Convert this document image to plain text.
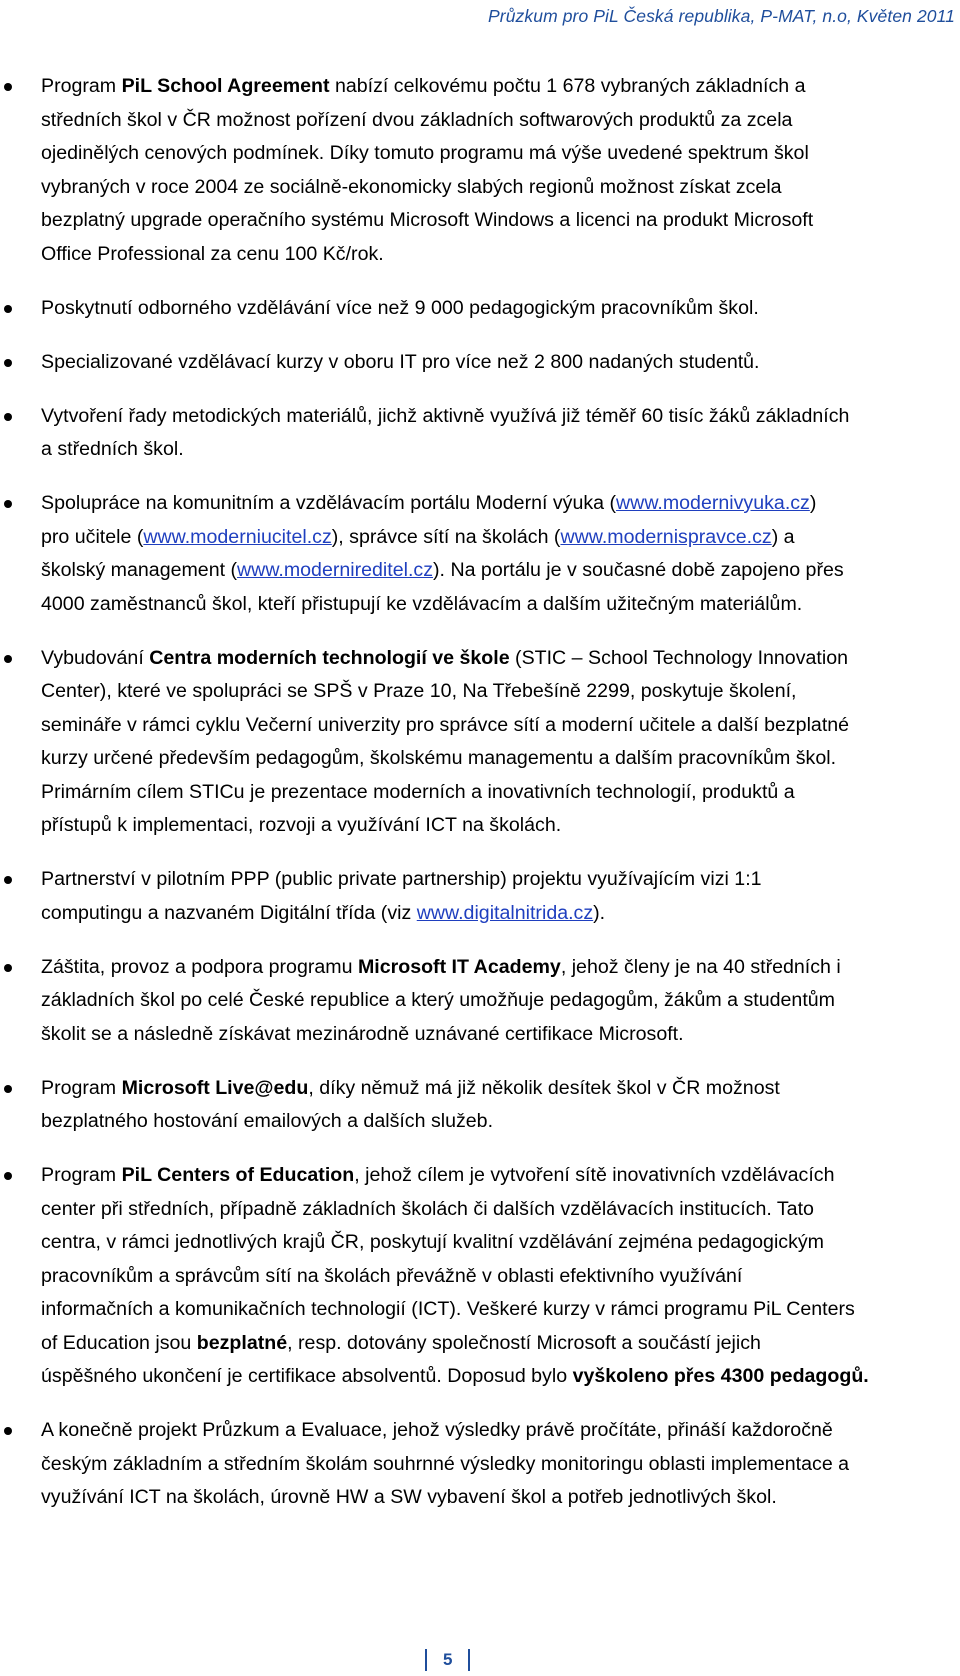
Průzkum pro PiL Česká republika, P-MAT, n.o, Květen 2011
Program PiL School Agreement nabízí celkovému počtu 1 678 vybraných základních a
středních škol v ČR možnost pořízení dvou základních softwarových produktů za zcela
ojedinělých cenových podmínek. Díky tomuto programu má výše uvedené spektrum škol
vybraných v roce 2004 ze sociálně-ekonomicky slabých regionů možnost získat zcela
bezplatný upgrade operačního systému Microsoft Windows a licenci na produkt Microsoft
Office Professional za cenu 100 Kč/rok.
Poskytnutí odborného vzdělávání více než 9 000 pedagogickým pracovníkům škol.
Specializované vzdělávací kurzy v oboru IT pro více než 2 800 nadaných studentů.
Vytvoření řady metodických materiálů, jichž aktivně využívá již téměř 60 tisíc žáků základních
a středních škol.
Spolupráce na komunitním a vzdělávacím portálu Moderní výuka (www.modernivyuka.cz)
pro učitele (www.moderniucitel.cz), správce sítí na školách (www.modernispravce.cz) a
školský management (www.modernireditel.cz). Na portálu je v současné době zapojeno přes
4000 zaměstnanců škol, kteří přistupují ke vzdělávacím a dalším užitečným materiálům.
Vybudování Centra moderních technologií ve škole (STIC – School Technology Innovation
Center), které ve spolupráci se SPŠ v Praze 10, Na Třebešíně 2299, poskytuje školení,
semináře v rámci cyklu Večerní univerzity pro správce sítí a moderní učitele a další bezplatné
kurzy určené především pedagogům, školskému managementu a dalším pracovníkům škol.
Primárním cílem STICu je prezentace moderních a inovativních technologií, produktů a
přístupů k implementaci, rozvoji a využívání ICT na školách.
Partnerství v pilotním PPP (public private partnership) projektu využívajícím vizi 1:1
computingu a nazvaném Digitální třída (viz www.digitalnitrida.cz).
Záštita, provoz a podpora programu Microsoft IT Academy, jehož členy je na 40 středních i
základních škol po celé České republice a který umožňuje pedagogům, žákům a studentům
školit se a následně získávat mezinárodně uznávané certifikace Microsoft.
Program Microsoft Live@edu, díky němuž má již několik desítek škol v ČR možnost
bezplatného hostování emailových a dalších služeb.
Program PiL Centers of Education, jehož cílem je vytvoření sítě inovativních vzdělávacích
center při středních, případně základních školách či dalších vzdělávacích institucích. Tato
centra, v rámci jednotlivých krajů ČR, poskytují kvalitní vzdělávání zejména pedagogickým
pracovníkům a správcům sítí na školách převážně v oblasti efektivního využívání
informačních a komunikačních technologií (ICT). Veškeré kurzy v rámci programu PiL Centers
of Education jsou bezplatné, resp. dotovány společností Microsoft a součástí jejich
úspěšného ukončení je certifikace absolventů. Doposud bylo vyškoleno přes 4300 pedagogů.
A konečně projekt Průzkum a Evaluace, jehož výsledky právě pročítáte, přináší každoročně
českým základním a středním školám souhrnné výsledky monitoringu oblasti implementace a
využívání ICT na školách, úrovně HW a SW vybavení škol a potřeb jednotlivých škol.
5
